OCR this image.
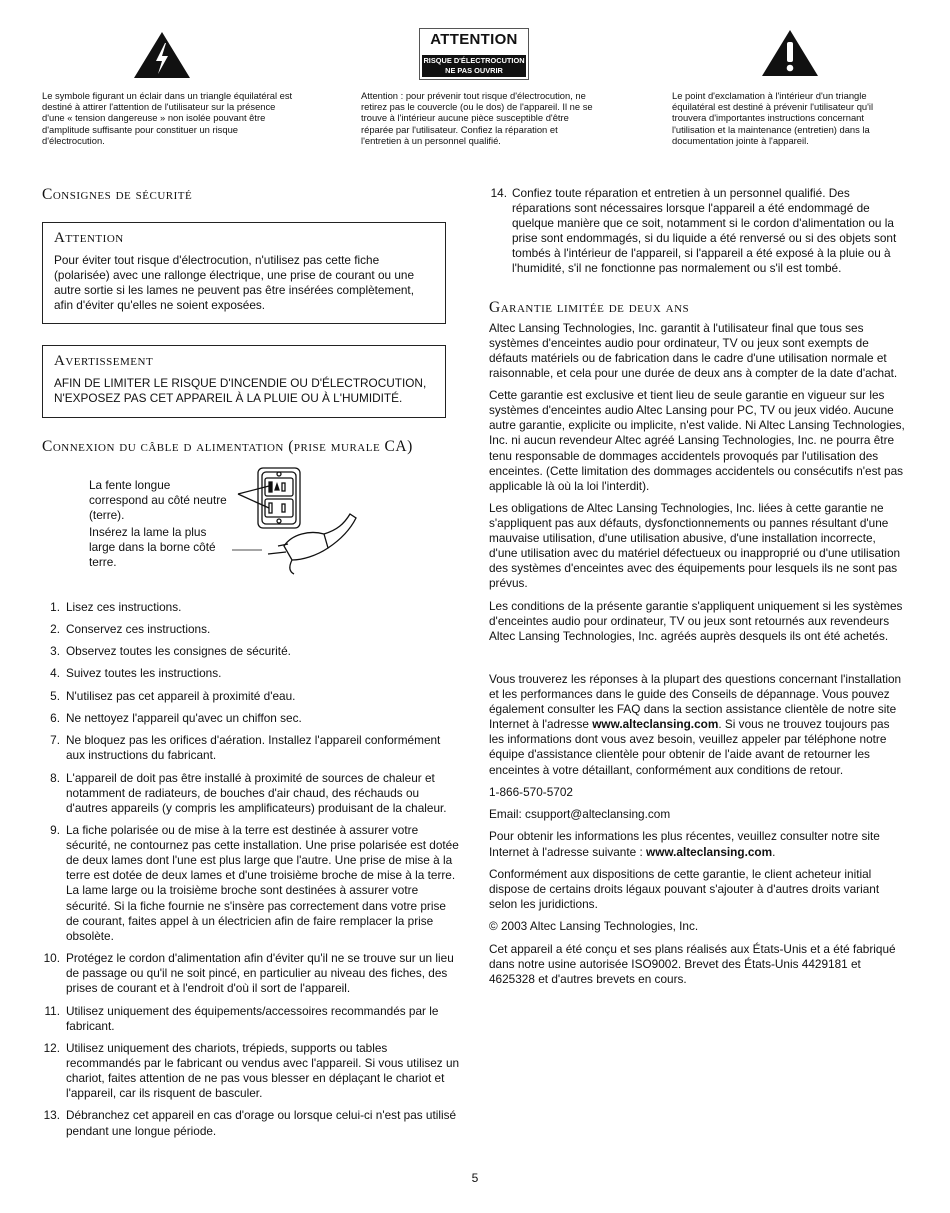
Le symbole figurant un éclair dans un triangle équilatéral est destiné à attirer l'attention de l'utilisateur sur la présence d'une « tension dangereuse » non isolée pouvant être d'amplitude suffisante pour constituer un risque d'électrocution.

ATTENTION
RISQUE D'ÉLECTROCUTION
NE PAS OUVRIR

Attention : pour prévenir tout risque d'électrocution, ne retirez pas le couvercle (ou le dos) de l'appareil. Il ne se trouve à l'intérieur aucune pièce susceptible d'être réparée par l'utilisateur. Confiez la réparation et l'entretien à un personnel qualifié.

Le point d'exclamation à l'intérieur d'un triangle équilatéral est destiné à prévenir l'utilisateur qu'il trouvera d'importantes instructions concernant l'utilisation et la maintenance (entretien) dans la documentation jointe à l'appareil.

Consignes de sécurité
Attention

Pour éviter tout risque d'électrocution, n'utilisez pas cette fiche (polarisée) avec une rallonge électrique, une prise de courant ou une autre sortie si les lames ne peuvent pas être insérées complètement, afin d'éviter qu'elles ne soient exposées.

Avertissement

AFIN DE LIMITER LE RISQUE D'INCENDIE OU D'ÉLECTROCUTION, N'EXPOSEZ PAS CET APPAREIL À LA PLUIE OU À L'HUMIDITÉ.

Connexion du câble d alimentation (prise murale CA)
La fente longue correspond au côté neutre (terre).
Insérez la lame la plus large dans la borne côté terre.
1. Lisez ces instructions.
2. Conservez ces instructions.
3. Observez toutes les consignes de sécurité.
4. Suivez toutes les instructions.
5. N'utilisez pas cet appareil à proximité d'eau.
6. Ne nettoyez l'appareil qu'avec un chiffon sec.
7. Ne bloquez pas les orifices d'aération. Installez l'appareil conformément aux instructions du fabricant.
8. L'appareil de doit pas être installé à proximité de sources de chaleur et notamment de radiateurs, de bouches d'air chaud, des réchauds ou d'autres appareils (y compris les amplificateurs) produisant de la chaleur.
9. La fiche polarisée ou de mise à la terre est destinée à assurer votre sécurité, ne contournez pas cette installation. Une prise polarisée est dotée de deux lames dont l'une est plus large que l'autre. Une prise de mise à la terre est dotée de deux lames et d'une troisième broche de mise à la terre. La lame large ou la troisième broche sont destinées à assurer votre sécurité. Si la fiche fournie ne s'insère pas correctement dans votre prise de courant, faites appel à un électricien afin de faire remplacer la prise obsolète.
10. Protégez le cordon d'alimentation afin d'éviter qu'il ne se trouve sur un lieu de passage ou qu'il ne soit pincé, en particulier au niveau des fiches, des prises de courant et à l'endroit d'où il sort de l'appareil.
11. Utilisez uniquement des équipements/accessoires recommandés par le fabricant.
12. Utilisez uniquement des chariots, trépieds, supports ou tables recommandés par le fabricant ou vendus avec l'appareil. Si vous utilisez un chariot, faites attention de ne pas vous blesser en déplaçant le chariot et l'appareil, car ils risquent de basculer.
13. Débranchez cet appareil en cas d'orage ou lorsque celui-ci n'est pas utilisé pendant une longue période.
14. Confiez toute réparation et entretien à un personnel qualifié. Des réparations sont nécessaires lorsque l'appareil a été endommagé de quelque manière que ce soit, notamment si le cordon d'alimentation ou la prise sont endommagés, si du liquide a été renversé ou si des objets sont tombés à l'intérieur de l'appareil, si l'appareil a été exposé à la pluie ou à l'humidité, s'il ne fonctionne pas normalement ou s'il est tombé.
Garantie limitée de deux ans

Altec Lansing Technologies, Inc. garantit à l'utilisateur final que tous ses systèmes d'enceintes audio pour ordinateur, TV ou jeux sont exempts de défauts matériels ou de fabrication dans le cadre d'une utilisation normale et raisonnable, et cela pour une durée de deux ans à compter de la date d'achat.

Cette garantie est exclusive et tient lieu de seule garantie en vigueur sur les systèmes d'enceintes audio Altec Lansing pour PC, TV ou jeux vidéo. Aucune autre garantie, explicite ou implicite, n'est valide. Ni Altec Lansing Technologies, Inc. ni aucun revendeur Altec agréé Lansing Technologies, Inc. ne pourra être tenu responsable de dommages accidentels provoqués par l'utilisation des enceintes. (Cette limitation des dommages accidentels ou consécutifs n'est pas applicable là où la loi l'interdit).

Les obligations de Altec Lansing Technologies, Inc. liées à cette garantie ne s'appliquent pas aux défauts, dysfonctionnements ou pannes résultant d'une mauvaise utilisation, d'une utilisation abusive, d'une installation incorrecte, d'une utilisation avec du matériel défectueux ou inapproprié ou d'une utilisation des systèmes d'enceintes avec des équipements pour lesquels ils ne sont pas prévus.

Les conditions de la présente garantie s'appliquent uniquement si les systèmes d'enceintes audio pour ordinateur, TV ou jeux sont retournés aux revendeurs Altec Lansing Technologies, Inc. agréés auprès desquels ils ont été achetés.

Vous trouverez les réponses à la plupart des questions concernant l'installation et les performances dans le guide des Conseils de dépannage. Vous pouvez également consulter les FAQ dans la section assistance clientèle de notre site Internet à l'adresse www.altec​lansing.com. Si vous ne trouvez toujours pas les informations dont vous avez besoin, veuillez appeler par téléphone notre équipe d'assistance clientèle pour obtenir de l'aide avant de retourner les enceintes à votre détaillant, conformément aux conditions de retour.

1-866-570-5702

Email: csupport@altec​lansing.com

Pour obtenir les informations les plus récentes, veuillez consulter notre site Internet à l'adresse suivante : www.altec​lansing.com.

Conformément aux dispositions de cette garantie, le client acheteur initial dispose de certains droits légaux pouvant s'ajouter à d'autres droits variant selon les juridictions.

© 2003 Altec Lansing Technologies, Inc.

Cet appareil a été conçu et ses plans réalisés aux États-Unis et a été fabriqué dans notre usine autorisée ISO9002. Brevet des États-Unis 4429181 et 4625328 et d'autres brevets en cours.

5
